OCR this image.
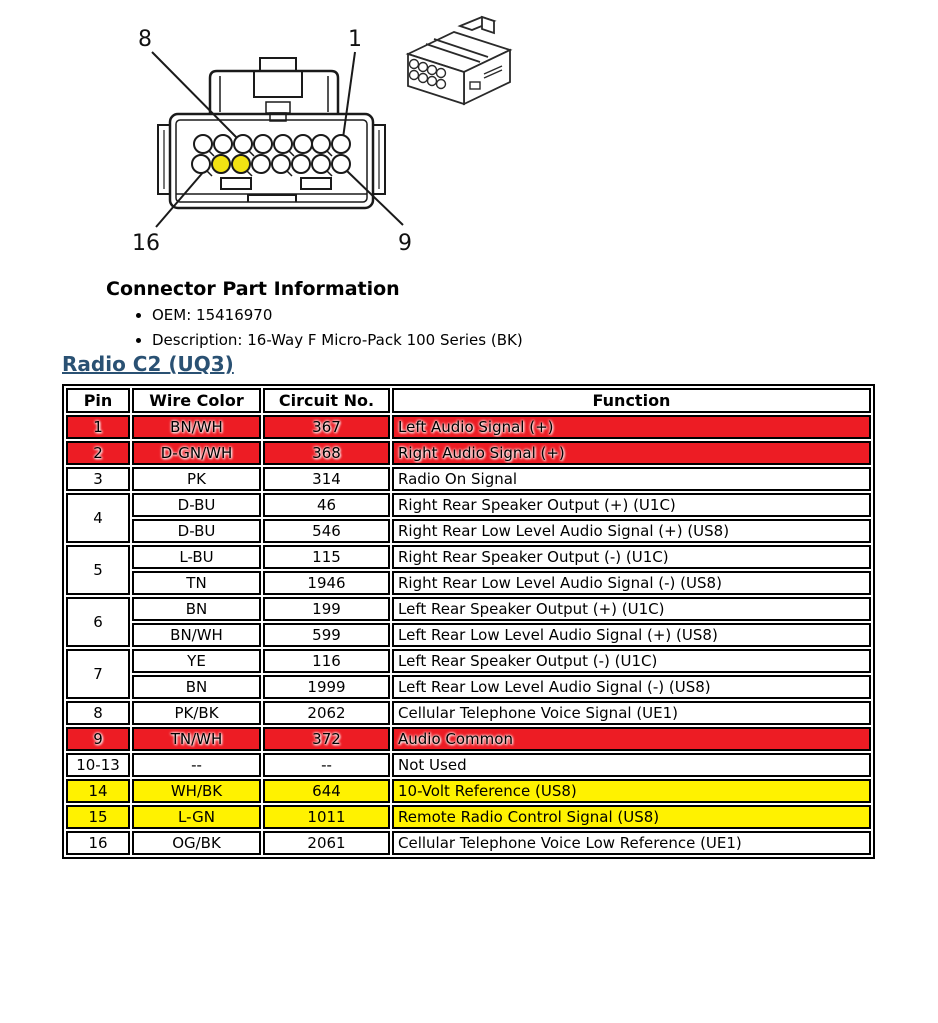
8	1
16	9
Connector Part Information
• OEM: 15416970
• Description: 16-Way F Micro-Pack 100 Series (BK)
Radio C2 (UQ3)
Pin	Wire Color	Circuit No.	Function
1	BN/WH	367	Left Audio Signal (+)
2	D-GN/WH	368	Right Audio Signal (+)
3	PK	314	Radio On Signal
4	D-BU	46	Right Rear Speaker Output (+) (U1C)
	D-BU	546	Right Rear Low Level Audio Signal (+) (US8)
5	L-BU	115	Right Rear Speaker Output (-) (U1C)
	TN	1946	Right Rear Low Level Audio Signal (-) (US8)
6	BN	199	Left Rear Speaker Output (+) (U1C)
	BN/WH	599	Left Rear Low Level Audio Signal (+) (US8)
7	YE	116	Left Rear Speaker Output (-) (U1C)
	BN	1999	Left Rear Low Level Audio Signal (-) (US8)
8	PK/BK	2062	Cellular Telephone Voice Signal (UE1)
9	TN/WH	372	Audio Common
10-13	--	--	Not Used
14	WH/BK	644	10-Volt Reference (US8)
15	L-GN	1011	Remote Radio Control Signal (US8)
16	OG/BK	2061	Cellular Telephone Voice Low Reference (UE1)
